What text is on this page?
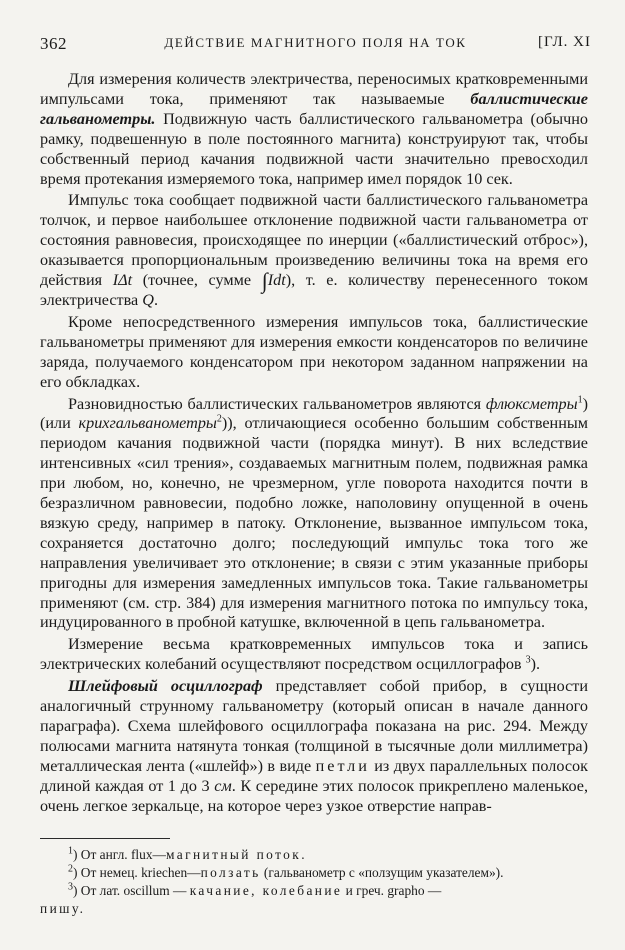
362	ДЕЙСТВИЕ МАГНИТНОГО ПОЛЯ НА ТОК	[ГЛ. XI

Для измерения количеств электричества, переносимых кратковременными импульсами тока, применяют так называемые баллистические гальванометры. Подвижную часть баллистического гальванометра (обычно рамку, подвешенную в поле постоянного магнита) конструируют так, чтобы собственный период качания подвижной части значительно превосходил время протекания измеряемого тока, например имел порядок 10 сек.

Импульс тока сообщает подвижной части баллистического гальванометра толчок, и первое наибольшее отклонение подвижной части гальванометра от состояния равновесия, происходящее по инерции («баллистический отброс»), оказывается пропорциональным произведению величины тока на время его действия IΔt (точнее, сумме ∫Idt), т. е. количеству перенесенного током электричества Q.

Кроме непосредственного измерения импульсов тока, баллистические гальванометры применяют для измерения емкости конденсаторов по величине заряда, получаемого конденсатором при некотором заданном напряжении на его обкладках.

Разновидностью баллистических гальванометров являются флюксметры$^1$) (или крихгальванометры$^2$)), отличающиеся особенно большим собственным периодом качания подвижной части (порядка минут). В них вследствие интенсивных «сил трения», создаваемых магнитным полем, подвижная рамка при любом, но, конечно, не чрезмерном, угле поворота находится почти в безразличном равновесии, подобно ложке, наполовину опущенной в очень вязкую среду, например в патоку. Отклонение, вызванное импульсом тока, сохраняется достаточно долго; последующий импульс тока того же направления увеличивает это отклонение; в связи с этим указанные приборы пригодны для измерения замедленных импульсов тока. Такие гальванометры применяют (см. стр. 384) для измерения магнитного потока по импульсу тока, индуцированного в пробной катушке, включенной в цепь гальванометра.

Измерение весьма кратковременных импульсов тока и запись электрических колебаний осуществляют посредством осциллографов $^3$).

Шлейфовый осциллограф представляет собой прибор, в сущности аналогичный струнному гальванометру (который описан в начале данного параграфа). Схема шлейфового осциллографа показана на рис. 294. Между полюсами магнита натянута тонкая (толщиной в тысячные доли миллиметра) металлическая лента («шлейф») в виде петли из двух параллельных полосок длиной каждая от 1 до 3 см. К середине этих полосок прикреплено маленькое, очень легкое зеркальце, на которое через узкое отверстие направ-

$^1$) От англ. flux—магнитный поток.
$^2$) От немец. kriechen—ползать (гальванометр с «ползущим указателем»).
$^3$) От лат. oscillum — качание, колебание и греч. grapho —
пишу.
